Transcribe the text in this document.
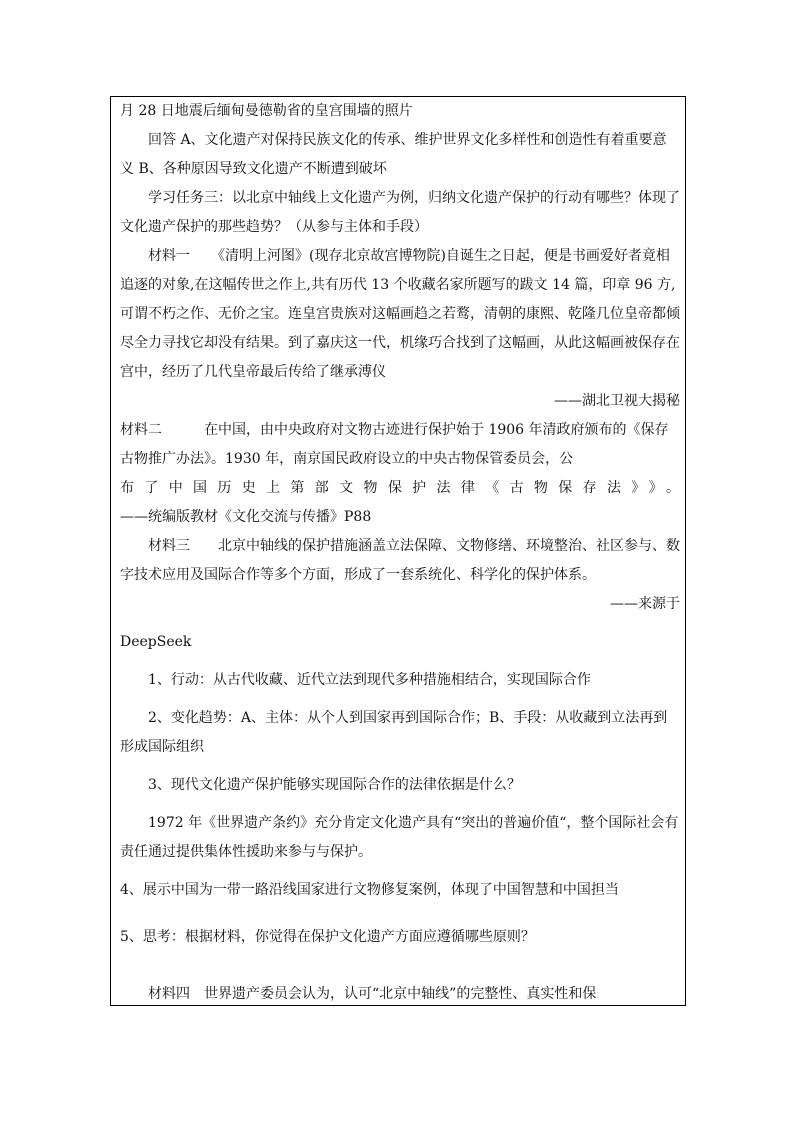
月 28 日地震后缅甸曼德勒省的皇宫围墙的照片

回答 A、文化遗产对保持民族文化的传承、维护世界文化多样性和创造性有着重要意义 B、各种原因导致文化遗产不断遭到破坏

学习任务三：以北京中轴线上文化遗产为例，归纳文化遗产保护的行动有哪些？体现了文化遗产保护的那些趋势？（从参与主体和手段）

材料一　　《清明上河图》(现存北京故宫博物院)自诞生之日起，便是书画爱好者竟相追逐的对象,在这幅传世之作上,共有历代 13 个收藏名家所题写的跋文 14 篇，印章 96 方,可谓不朽之作、无价之宝。连皇宫贵族对这幅画趋之若鹜，清朝的康熙、乾隆几位皇帝都倾尽全力寻找它却没有结果。到了嘉庆这一代，机缘巧合找到了这幅画，从此这幅画被保存在宫中，经历了几代皇帝最后传给了继承溥仪

——湖北卫视大揭秘

材料二　　　在中国，由中央政府对文物古迹进行保护始于 1906 年清政府颁布的《保存古物推广办法》。1930 年，南京国民政府设立的中央古物保管委员会，公

布了中国历史上第部文物保护法律《古物保存法》》。

——统编版教材《文化交流与传播》P88

材料三　　北京中轴线的保护措施涵盖立法保障、文物修缮、环境整治、社区参与、数字技术应用及国际合作等多个方面，形成了一套系统化、科学化的保护体系。

——来源于

DeepSeek

1、行动：从古代收藏、近代立法到现代多种措施相结合，实现国际合作

2、变化趋势：A、主体：从个人到国家再到国际合作；B、手段：从收藏到立法再到形成国际组织

3、现代文化遗产保护能够实现国际合作的法律依据是什么？

1972 年《世界遗产条约》充分肯定文化遗产具有“突出的普遍价值“，整个国际社会有责任通过提供集体性援助来参与与保护。

4、展示中国为一带一路沿线国家进行文物修复案例，体现了中国智慧和中国担当

5、思考：根据材料，你觉得在保护文化遗产方面应遵循哪些原则？

材料四　世界遗产委员会认为，认可“北京中轴线”的完整性、真实性和保
